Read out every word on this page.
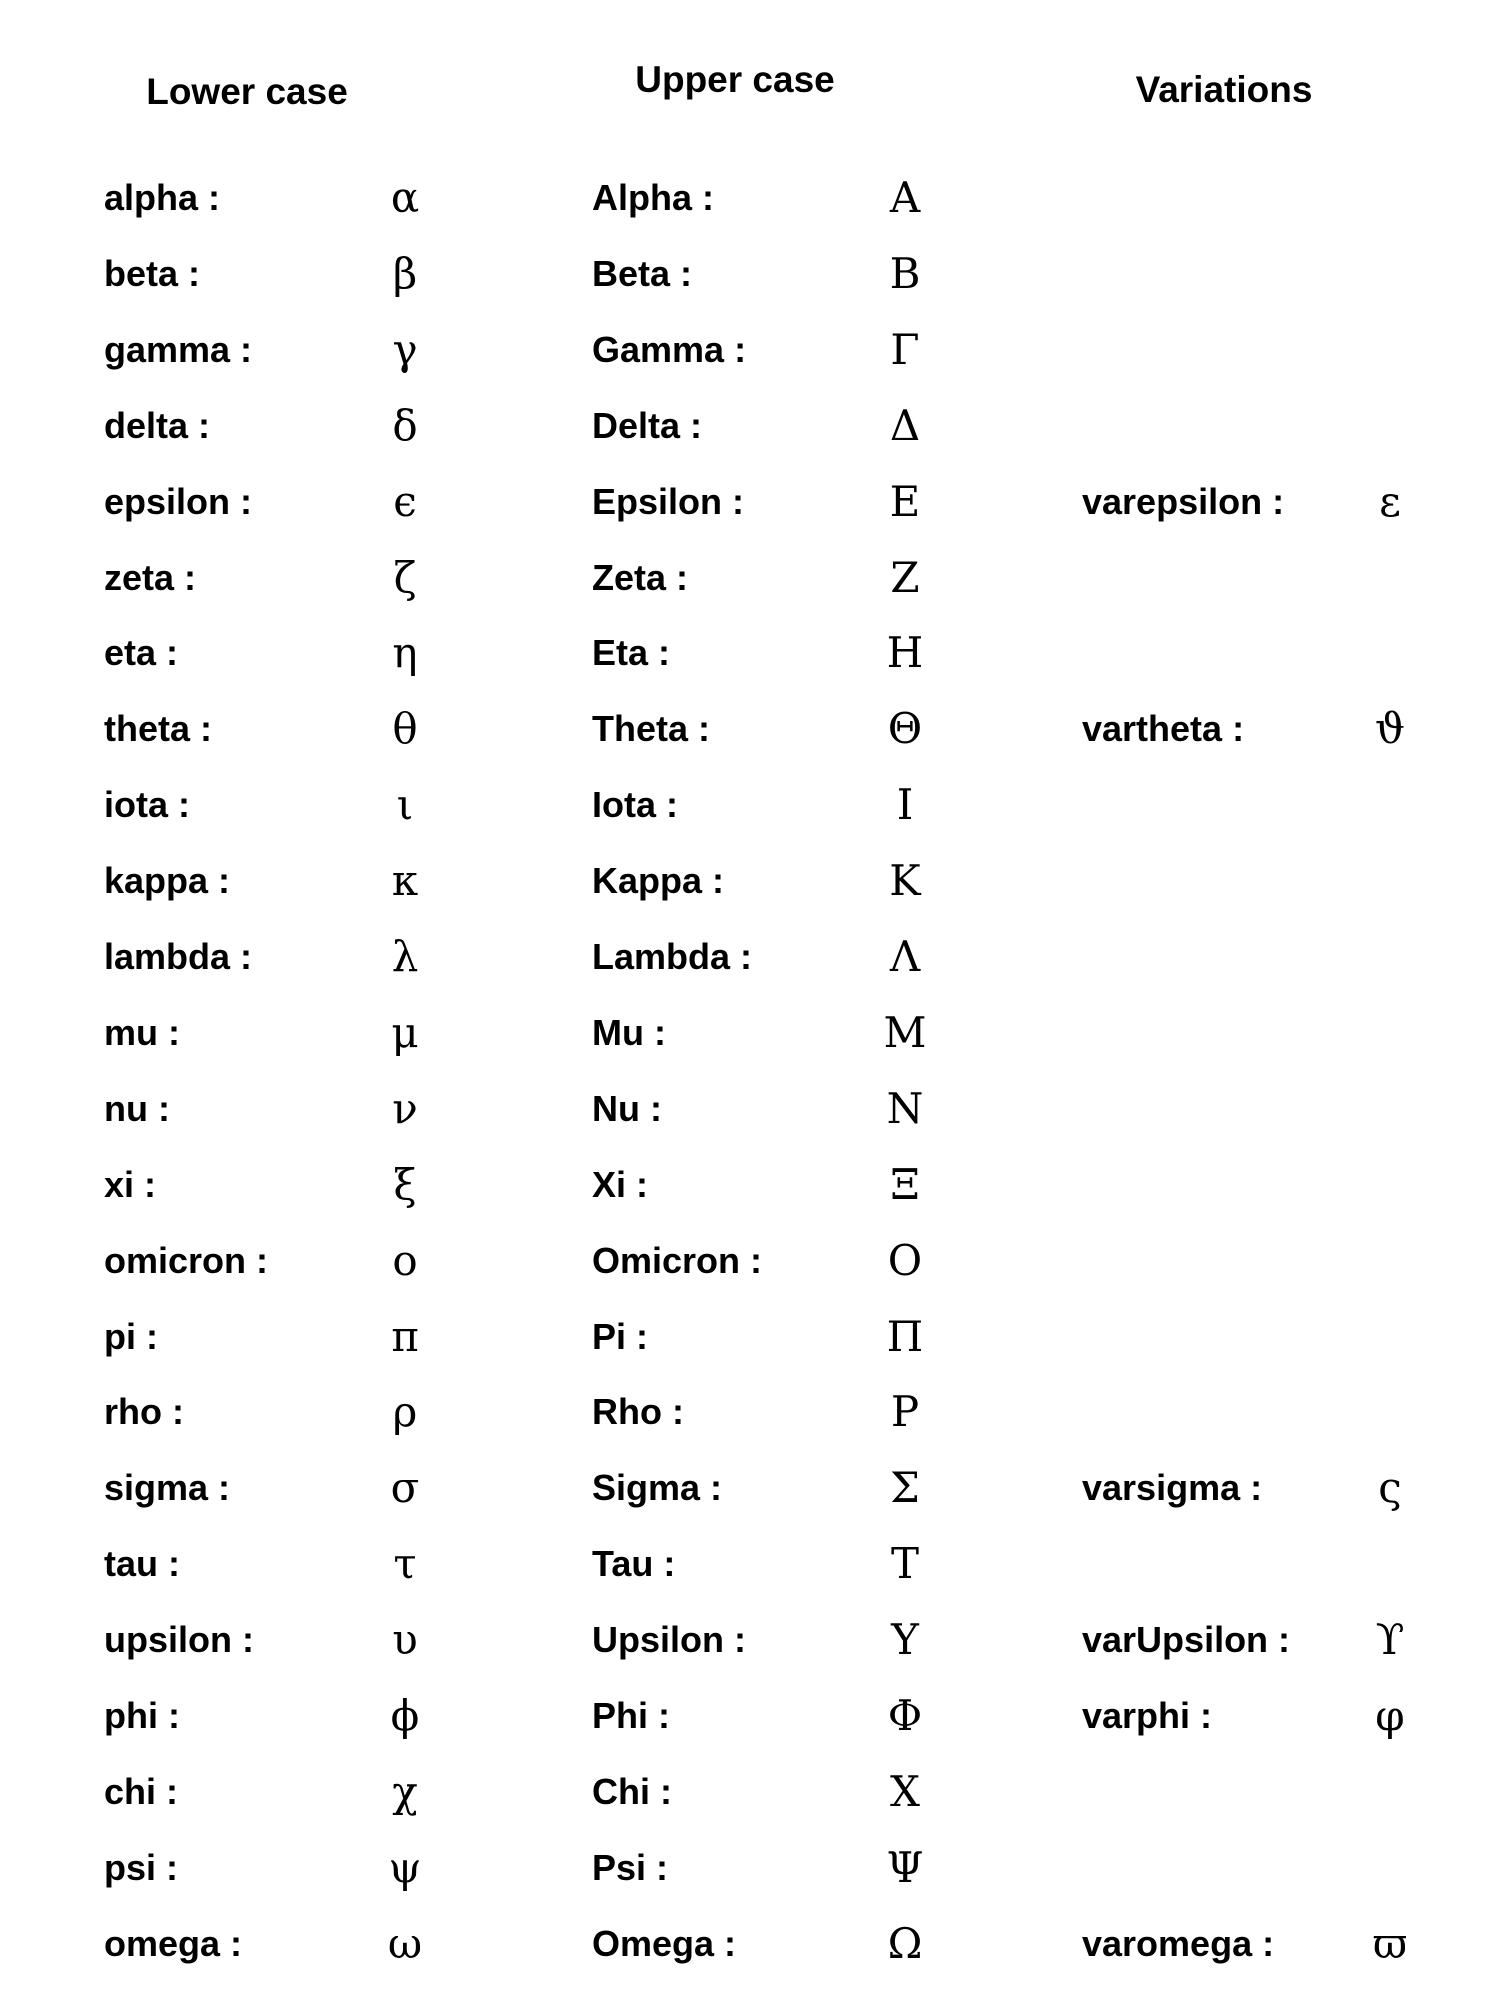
Lower case	Upper case	Variations
alpha :	α	Alpha :	Α
beta :	β	Beta :	Β
gamma :	γ	Gamma :	Γ
delta :	δ	Delta :	Δ
epsilon :	ϵ	Epsilon :	Ε	varepsilon :	ε
zeta :	ζ	Zeta :	Ζ
eta :	η	Eta :	Η
theta :	θ	Theta :	Θ	vartheta :	ϑ
iota :	ι	Iota :	Ι
kappa :	κ	Kappa :	Κ
lambda :	λ	Lambda :	Λ
mu :	μ	Mu :	Μ
nu :	ν	Nu :	Ν
xi :	ξ	Xi :	Ξ
omicron :	ο	Omicron :	Ο
pi :	π	Pi :	Π
rho :	ρ	Rho :	Ρ
sigma :	σ	Sigma :	Σ	varsigma :	ς
tau :	τ	Tau :	Τ
upsilon :	υ	Upsilon :	Υ	varUpsilon :	ϒ
phi :	ϕ	Phi :	Φ	varphi :	φ
chi :	χ	Chi :	Χ
psi :	ψ	Psi :	Ψ
omega :	ω	Omega :	Ω	varomega :	ϖ
